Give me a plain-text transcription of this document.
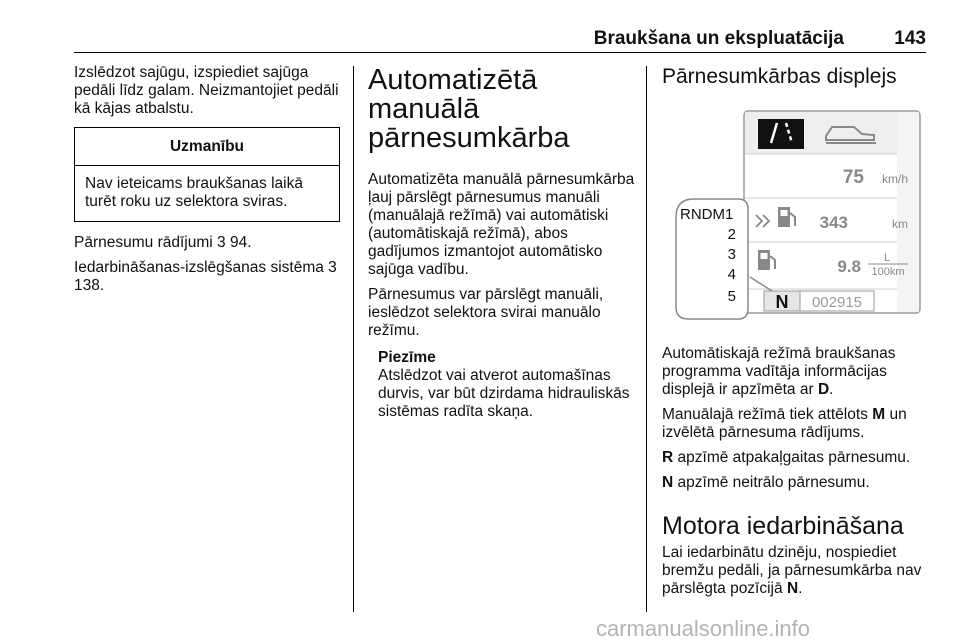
Braukšana un ekspluatācija	143

Izslēdzot sajūgu, izspiediet sajūga pedāli līdz galam. Neizmantojiet pedāli kā kājas atbalstu.

Uzmanību
Nav ieteicams braukšanas laikā turēt roku uz selektora sviras.

Pārnesumu rādījumi 3 94.

Iedarbināšanas-izslēgšanas sistēma 3 138.

Automatizētā manuālā pārnesumkārba

Automatizēta manuālā pārnesumkārba ļauj pārslēgt pārnesumus manuāli (manuālajā režīmā) vai automātiski (automātiskajā režīmā), abos gadījumos izmantojot automātisko sajūga vadību.

Pārnesumus var pārslēgt manuāli, ieslēdzot selektora svirai manuālo režīmu.

Piezīme
Atslēdzot vai atverot automašīnas durvis, var būt dzirdama hidrauliskās sistēmas radīta skaņa.
Pārnesumkārbas displejs
75 km/h
343	km
9.8 L
100km
RNDM1
2
3
4
5 N 002915

Automātiskajā režīmā braukšanas programma vadītāja informācijas displejā ir apzīmēta ar D.

Manuālajā režīmā tiek attēlots M un izvēlētā pārnesuma rādījums.

R apzīmē atpakaļgaitas pārnesumu.

N apzīmē neitrālo pārnesumu.

Motora iedarbināšana

Lai iedarbinātu dzinēju, nospiediet bremžu pedāli, ja pārnesumkārba nav pārslēgta pozīcijā N.

carmanualsonline.info
